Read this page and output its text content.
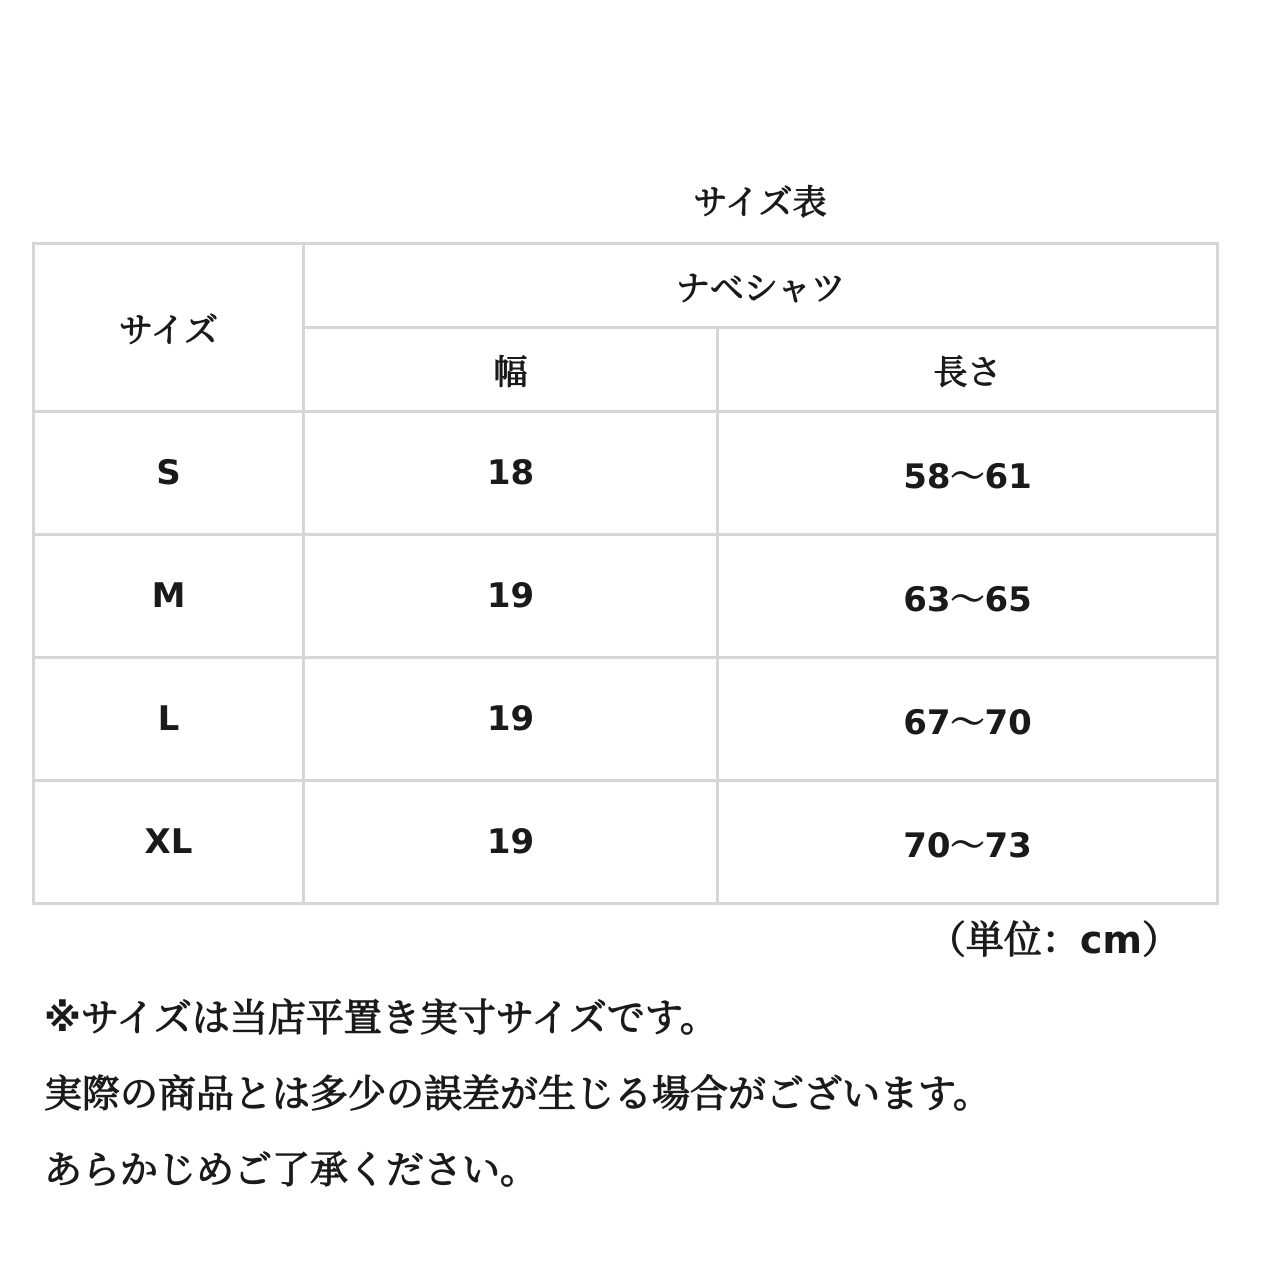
サイズ表
サイズ	ナベシャツ	
	幅	長さ
S	18	58～61
M	19	63～65
L	19	67～70
XL	19	70～73
（単位：cm）
※サイズは当店平置き実寸サイズです。
実際の商品とは多少の誤差が生じる場合がございます。
あらかじめご了承ください。
